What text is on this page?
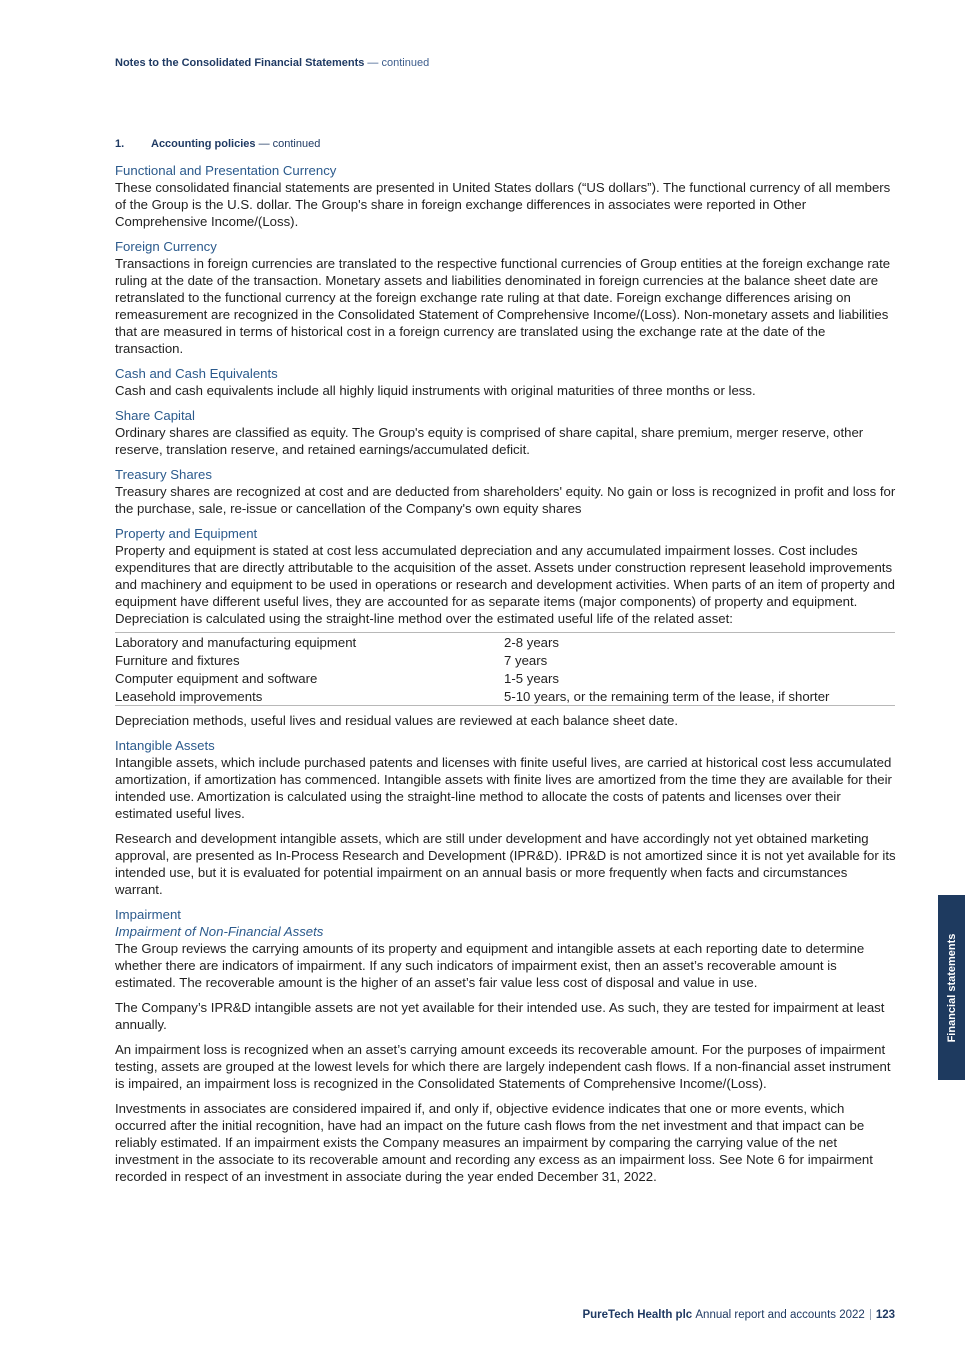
Notes to the Consolidated Financial Statements — continued
1. Accounting policies — continued
Functional and Presentation Currency

These consolidated financial statements are presented in United States dollars (“US dollars”). The functional currency of all members of the Group is the U.S. dollar. The Group's share in foreign exchange differences in associates were reported in Other Comprehensive Income/(Loss).

Foreign Currency

Transactions in foreign currencies are translated to the respective functional currencies of Group entities at the foreign exchange rate ruling at the date of the transaction. Monetary assets and liabilities denominated in foreign currencies at the balance sheet date are retranslated to the functional currency at the foreign exchange rate ruling at that date. Foreign exchange differences arising on remeasurement are recognized in the Consolidated Statement of Comprehensive Income/(Loss). Non-monetary assets and liabilities that are measured in terms of historical cost in a foreign currency are translated using the exchange rate at the date of the transaction.

Cash and Cash Equivalents

Cash and cash equivalents include all highly liquid instruments with original maturities of three months or less.

Share Capital

Ordinary shares are classified as equity. The Group's equity is comprised of share capital, share premium, merger reserve, other reserve, translation reserve, and retained earnings/accumulated deficit.

Treasury Shares

Treasury shares are recognized at cost and are deducted from shareholders' equity. No gain or loss is recognized in profit and loss for the purchase, sale, re-issue or cancellation of the Company's own equity shares

Property and Equipment

Property and equipment is stated at cost less accumulated depreciation and any accumulated impairment losses. Cost includes expenditures that are directly attributable to the acquisition of the asset. Assets under construction represent leasehold improvements and machinery and equipment to be used in operations or research and development activities. When parts of an item of property and equipment have different useful lives, they are accounted for as separate items (major components) of property and equipment. Depreciation is calculated using the straight-line method over the estimated useful life of the related asset:

Laboratory and manufacturing equipment	2-8 years
Furniture and fixtures	7 years
Computer equipment and software	1-5 years
Leasehold improvements	5-10 years, or the remaining term of the lease, if shorter

Depreciation methods, useful lives and residual values are reviewed at each balance sheet date.

Intangible Assets

Intangible assets, which include purchased patents and licenses with finite useful lives, are carried at historical cost less accumulated amortization, if amortization has commenced. Intangible assets with finite lives are amortized from the time they are available for their intended use. Amortization is calculated using the straight-line method to allocate the costs of patents and licenses over their estimated useful lives.

Research and development intangible assets, which are still under development and have accordingly not yet obtained marketing approval, are presented as In-Process Research and Development (IPR&D). IPR&D is not amortized since it is not yet available for its intended use, but it is evaluated for potential impairment on an annual basis or more frequently when facts and circumstances warrant.

Impairment
Impairment of Non-Financial Assets

The Group reviews the carrying amounts of its property and equipment and intangible assets at each reporting date to determine whether there are indicators of impairment. If any such indicators of impairment exist, then an asset’s recoverable amount is estimated. The recoverable amount is the higher of an asset’s fair value less cost of disposal and value in use.

The Company’s IPR&D intangible assets are not yet available for their intended use. As such, they are tested for impairment at least annually.

An impairment loss is recognized when an asset’s carrying amount exceeds its recoverable amount. For the purposes of impairment testing, assets are grouped at the lowest levels for which there are largely independent cash flows. If a non-financial asset instrument is impaired, an impairment loss is recognized in the Consolidated Statements of Comprehensive Income/(Loss).

Investments in associates are considered impaired if, and only if, objective evidence indicates that one or more events, which occurred after the initial recognition, have had an impact on the future cash flows from the net investment and that impact can be reliably estimated. If an impairment exists the Company measures an impairment by comparing the carrying value of the net investment in the associate to its recoverable amount and recording any excess as an impairment loss. See Note 6 for impairment recorded in respect of an investment in associate during the year ended December 31, 2022.

Financial statements
PureTech Health plc Annual report and accounts 2022 123
